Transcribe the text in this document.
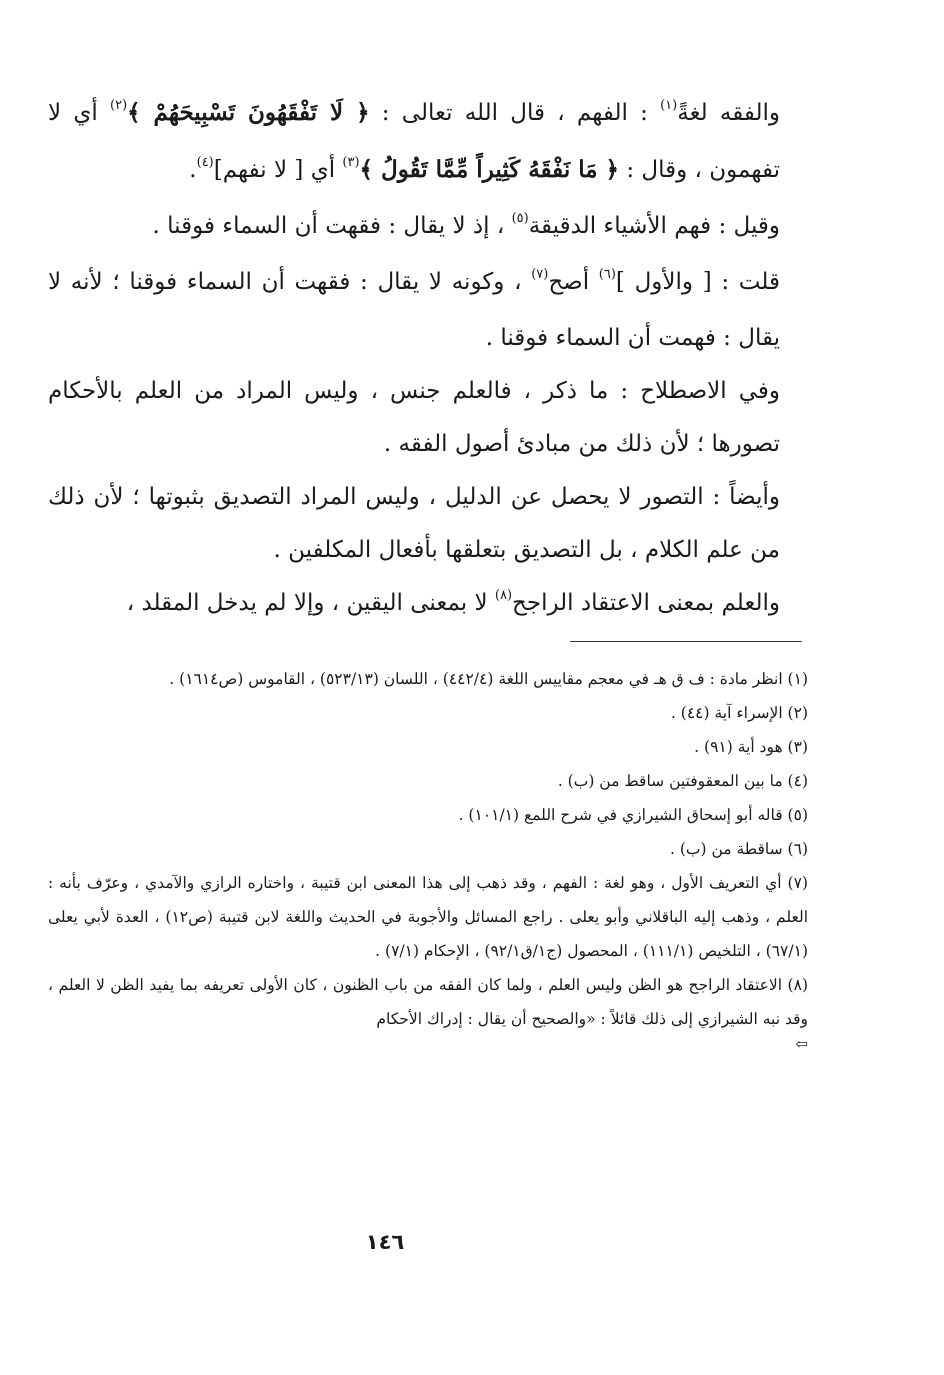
والفقه لغةً$^{(١)}$ : الفهم ، قال الله تعالى : ﴿ لَا تَفْقَهُونَ تَسْبِيحَهُمْ ﴾$^{(٢)}$ أي لا تفهمون ، وقال : ﴿ مَا نَفْقَهُ كَثِيراً مِّمَّا تَقُولُ ﴾$^{(٣)}$ أي [ لا نفهم]$^{(٤)}$.

وقيل : فهم الأشياء الدقيقة$^{(٥)}$ ، إذ لا يقال : فقهت أن السماء فوقنا .

قلت : [ والأول ]$^{(٦)}$ أصح$^{(٧)}$ ، وكونه لا يقال : فقهت أن السماء فوقنا ؛ لأنه لا يقال : فهمت أن السماء فوقنا .

وفي الاصطلاح : ما ذكر ، فالعلم جنس ، وليس المراد من العلم بالأحكام تصورها ؛ لأن ذلك من مبادئ أصول الفقه .

وأيضاً : التصور لا يحصل عن الدليل ، وليس المراد التصديق بثبوتها ؛ لأن ذلك من علم الكلام ، بل التصديق بتعلقها بأفعال المكلفين .

والعلم بمعنى الاعتقاد الراجح$^{(٨)}$ لا بمعنى اليقين ، وإلا لم يدخل المقلد ،

(١) انظر مادة : ف ق هـ في معجم مقاييس اللغة (٤٤٢/٤) ، اللسان (٥٢٣/١٣) ، القاموس (ص١٦١٤) .

(٢) الإسراء آية (٤٤) .

(٣) هود أية (٩١) .

(٤) ما بين المعقوفتين ساقط من (ب) .

(٥) قاله أبو إسحاق الشيرازي في شرح اللمع (١٠١/١) .

(٦) ساقطة من (ب) .

(٧) أي التعريف الأول ، وهو لغة : الفهم ، وقد ذهب إلى هذا المعنى ابن قتيبة ، واختاره الرازي والآمدي ، وعرّف بأنه : العلم ، وذهب إليه الباقلاني وأبو يعلى . راجع المسائل والأجوبة في الحديث واللغة لابن قتيبة (ص١٢) ، العدة لأبي يعلى (٦٧/١) ، التلخيص (١١١/١) ، المحصول (ج١/ق٩٢/١) ، الإحكام (٧/١) .

(٨) الاعتقاد الراجح هو الظن وليس العلم ، ولما كان الفقه من باب الظنون ، كان الأولى تعريفه بما يفيد الظن لا العلم ، وقد نبه الشيرازي إلى ذلك قائلاً : «والصحيح أن يقال : إدراك الأحكام

⇦
١٤٦
